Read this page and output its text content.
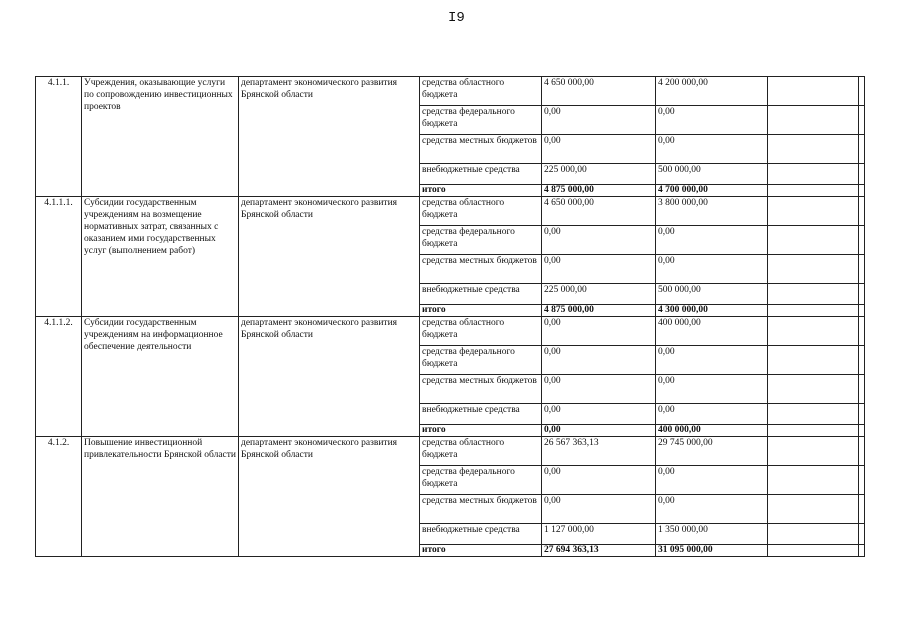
I9
4.1.1.	Учреждения, оказывающие услуги по сопровождению инвестиционных проектов	департамент экономического развития Брянской области	средства областного бюджета	4 650 000,00	4 200 000,00		
			средства федерального бюджета	0,00	0,00		
			средства местных бюджетов	0,00	0,00		
			внебюджетные средства	225 000,00	500 000,00		
			итого	4 875 000,00	4 700 000,00		
4.1.1.1.	Субсидии государственным учреждениям на возмещение нормативных затрат, связанных с оказанием ими государственных услуг (выполнением работ)	департамент экономического развития Брянской области	средства областного бюджета	4 650 000,00	3 800 000,00		
			средства федерального бюджета	0,00	0,00		
			средства местных бюджетов	0,00	0,00		
			внебюджетные средства	225 000,00	500 000,00		
			итого	4 875 000,00	4 300 000,00		
4.1.1.2.	Субсидии государственным учреждениям на информационное обеспечение деятельности	департамент экономического развития Брянской области	средства областного бюджета	0,00	400 000,00		
			средства федерального бюджета	0,00	0,00		
			средства местных бюджетов	0,00	0,00		
			внебюджетные средства	0,00	0,00		
			итого	0,00	400 000,00		
4.1.2.	Повышение инвестиционной привлекательности Брянской области	департамент экономического развития Брянской области	средства областного бюджета	26 567 363,13	29 745 000,00		
			средства федерального бюджета	0,00	0,00		
			средства местных бюджетов	0,00	0,00		
			внебюджетные средства	1 127 000,00	1 350 000,00		
			итого	27 694 363,13	31 095 000,00		
